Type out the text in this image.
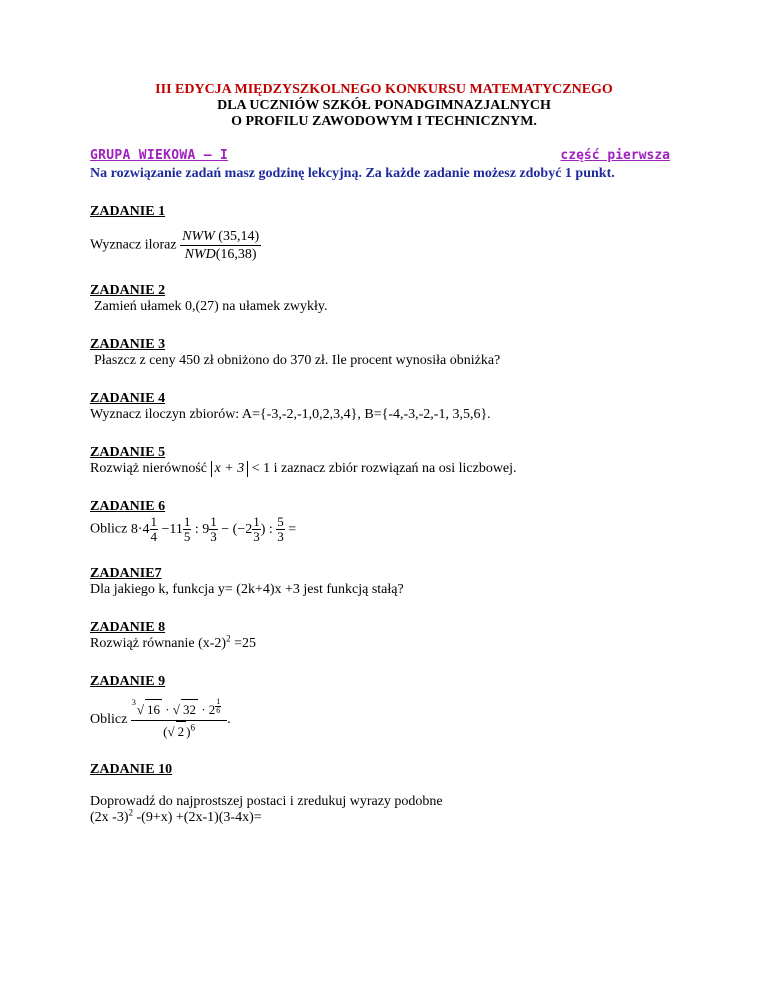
III EDYCJA MIĘDZYSZKOLNEGO KONKURSU MATEMATYCZNEGO
DLA UCZNIÓW SZKÓŁ PONADGIMNAZJALNYCH
O PROFILU ZAWODOWYM I TECHNICZNYM.
GRUPA WIEKOWA – I	część pierwsza
Na rozwiązanie zadań masz godzinę lekcyjną. Za każde zadanie możesz zdobyć 1 punkt.
ZADANIE 1
Wyznacz iloraz $\frac{\text{NWW (35,14)}}{\text{NWD(16,38)}}$
ZADANIE 2
Zamień ułamek 0,(27) na ułamek zwykły.
ZADANIE 3
Płaszcz z ceny 450 zł obniżono do 370 zł. Ile procent wynosiła obniżka?
ZADANIE 4
Wyznacz iloczyn zbiorów: A={-3,-2,-1,0,2,3,4}, B={-4,-3,-2,-1, 3,5,6}.
ZADANIE 5
Rozwiąż nierówność x + 3 < 1 i zaznacz zbiór rozwiązań na osi liczbowej.
ZADANIE 6
Oblicz $8\cdot 4 \frac{1}{4} -11 \frac{1}{5}$ : $9 \frac{1}{3} - (-2 \frac{1}{3}$ ) : $\frac{5}{3}$ =
ZADANIE7
Dla jakiego k, funkcja y= (2k+4)x +3 jest funkcją stałą?
ZADANIE 8
Rozwiąż równanie $(x-2)^2 =25$
ZADANIE 9
Oblicz 3 √ 16 · √ 32 · 2 $^{\frac{1}{6}}$
(√ 2 )$^6$ .
ZADANIE 10
Doprowadź do najprostszej postaci i zredukuj wyrazy podobne
(2x -3)$^2$ -(9+x) +(2x-1)(3-4x)=
